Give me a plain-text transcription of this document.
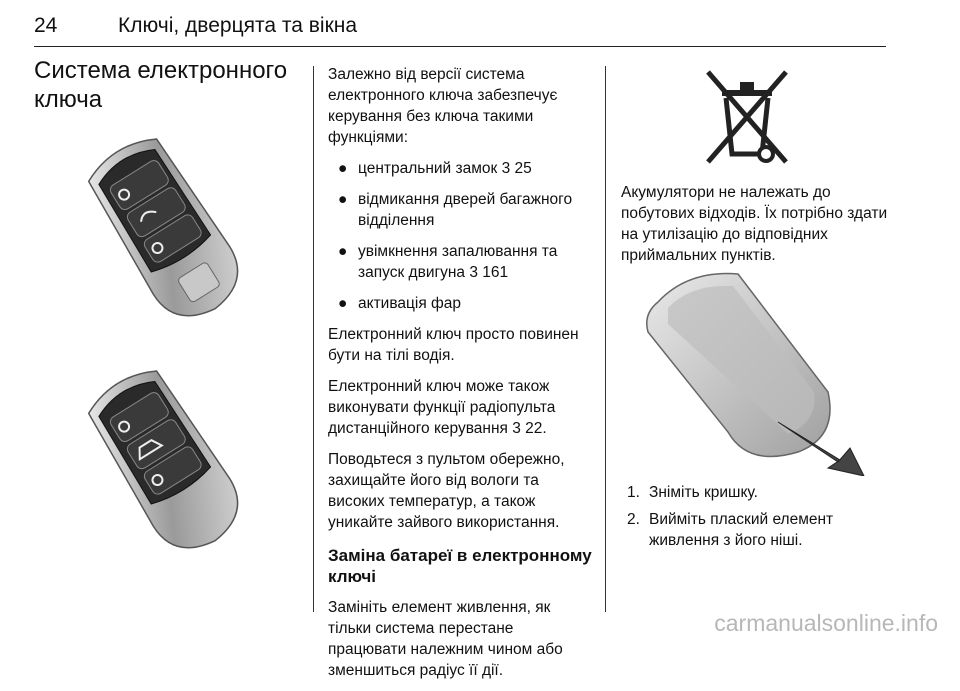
24	Ключі, дверцята та вікна
Система електронного ключа

Залежно від версії система електронного ключа забезпечує керування без ключа такими функціями:

● центральний замок 3 25
● відмикання дверей багажного відділення
● увімкнення запалювання та запуск двигуна 3 161
● активація фар

Електронний ключ просто повинен бути на тілі водія.

Електронний ключ може також виконувати функції радіопульта дистанційного керування 3 22.

Поводьтеся з пультом обережно, захищайте його від вологи та високих температур, а також уникайте зайвого використання.

Заміна батареї в електронному ключі

Замініть елемент живлення, як тільки система перестане працювати належним чином або зменшиться радіус її дії.

Акумулятори не належать до побутових відходів. Їх потрібно здати на утилізацію до відповідних приймальних пунктів.

1. Зніміть кришку.
2. Вийміть плаский елемент живлення з його ніші.
carmanualsonline.info
